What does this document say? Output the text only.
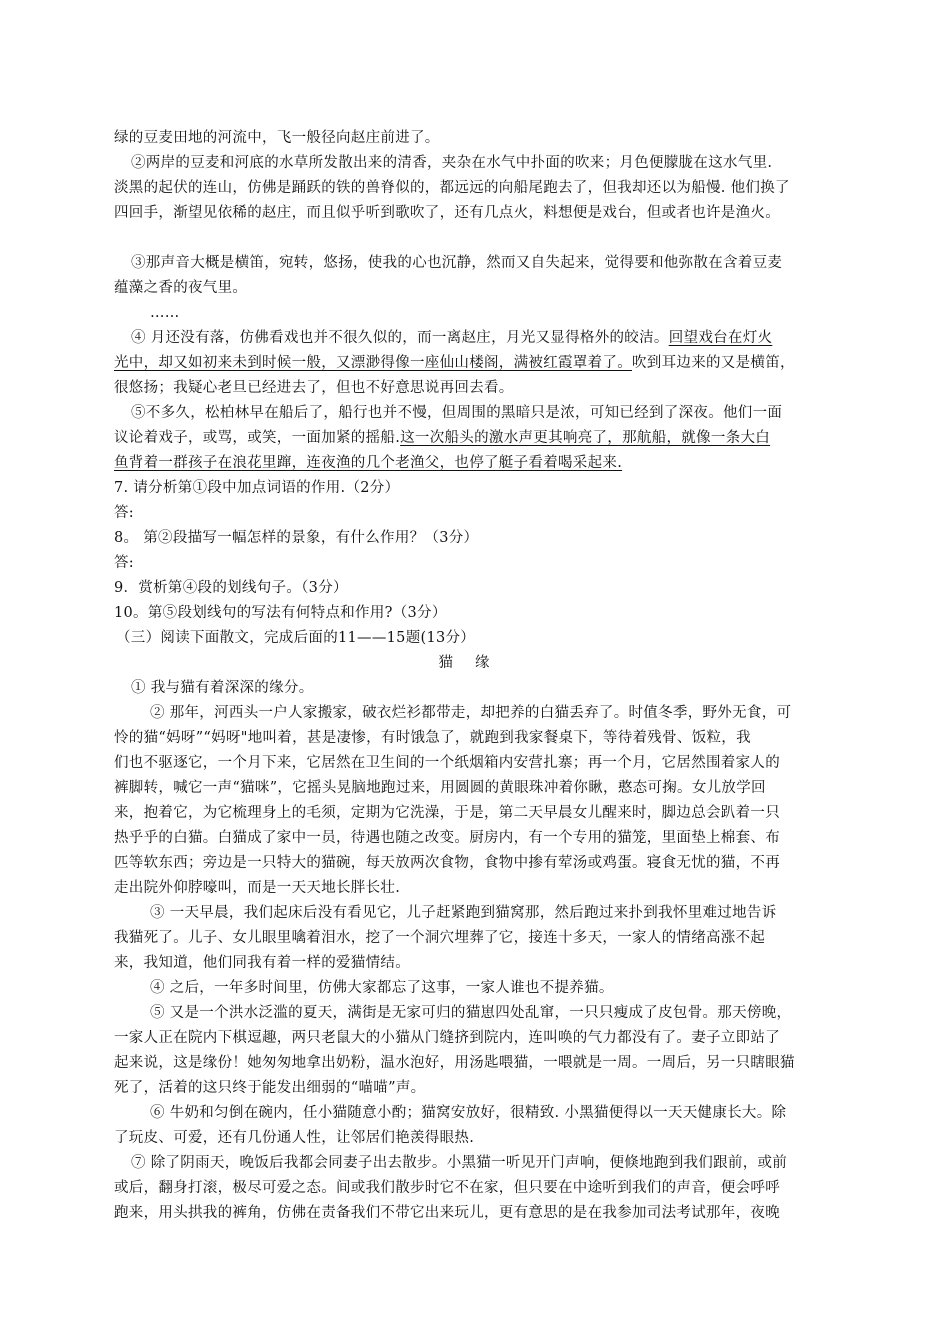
绿的豆麦田地的河流中，飞一般径向赵庄前进了。
②两岸的豆麦和河底的水草所发散出来的清香，夹杂在水气中扑面的吹来；月色便朦胧在这水气里.
淡黑的起伏的连山，仿佛是踊跃的铁的兽脊似的，都远远的向船尾跑去了，但我却还以为船慢. 他们换了
四回手，渐望见依稀的赵庄，而且似乎听到歌吹了，还有几点火，料想便是戏台，但或者也许是渔火。
③那声音大概是横笛，宛转，悠扬，使我的心也沉静，然而又自失起来，觉得要和他弥散在含着豆麦
蕴藻之香的夜气里。
……
④ 月还没有落，仿佛看戏也并不很久似的，而一离赵庄，月光又显得格外的皎洁。回望戏台在灯火
光中，却又如初来未到时候一般，又漂渺得像一座仙山楼阁，满被红霞罩着了。吹到耳边来的又是横笛，
很悠扬；我疑心老旦已经进去了，但也不好意思说再回去看。
⑤不多久，松柏林早在船后了，船行也并不慢，但周围的黑暗只是浓，可知已经到了深夜。他们一面
议论着戏子，或骂，或笑，一面加紧的摇船.这一次船头的激水声更其响亮了，那航船，就像一条大白
鱼背着一群孩子在浪花里蹿，连夜渔的几个老渔父，也停了艇子看着喝采起来.
7. 请分析第①段中加点词语的作用.（2分）
答:
8。 第②段描写一幅怎样的景象，有什么作用？（3分）
答:
9．赏析第④段的划线句子。（3分）
10。第⑤段划线句的写法有何特点和作用?（3分）
（三）阅读下面散文，完成后面的11——15题(13分）
猫缘
① 我与猫有着深深的缘分。
② 那年，河西头一户人家搬家，破衣烂衫都带走，却把养的白猫丢弃了。时值冬季，野外无食，可
怜的猫“妈呀”“妈呀"地叫着，甚是凄惨，有时饿急了，就跑到我家餐桌下，等待着残骨、饭粒，我
们也不驱逐它，一个月下来，它居然在卫生间的一个纸烟箱内安营扎寨；再一个月，它居然围着家人的
裤脚转，喊它一声“猫咪”，它摇头晃脑地跑过来，用圆圆的黄眼珠冲着你瞅，憨态可掬。女儿放学回
来，抱着它，为它梳理身上的毛须，定期为它洗澡，于是，第二天早晨女儿醒来时，脚边总会趴着一只
热乎乎的白猫。白猫成了家中一员，待遇也随之改变。厨房内，有一个专用的猫笼，里面垫上棉套、布
匹等软东西；旁边是一只特大的猫碗，每天放两次食物，食物中掺有荤汤或鸡蛋。寝食无忧的猫，不再
走出院外仰脖嚎叫，而是一天天地长胖长壮.
③ 一天早晨，我们起床后没有看见它，儿子赶紧跑到猫窝那，然后跑过来扑到我怀里难过地告诉
我猫死了。儿子、女儿眼里噙着泪水，挖了一个洞穴埋葬了它，接连十多天，一家人的情绪高涨不起
来，我知道，他们同我有着一样的爱猫情结。
④ 之后，一年多时间里，仿佛大家都忘了这事，一家人谁也不提养猫。
⑤ 又是一个洪水泛滥的夏天，满街是无家可归的猫崽四处乱窜，一只只瘦成了皮包骨。那天傍晚，
一家人正在院内下棋逗趣，两只老鼠大的小猫从门缝挤到院内，连叫唤的气力都没有了。妻子立即站了
起来说，这是缘份！她匆匆地拿出奶粉，温水泡好，用汤匙喂猫，一喂就是一周。一周后，另一只瞎眼猫
死了，活着的这只终于能发出细弱的“喵喵”声。
⑥ 牛奶和匀倒在碗内，任小猫随意小酌；猫窝安放好，很精致. 小黑猫便得以一天天健康长大。除
了玩皮、可爱，还有几份通人性，让邻居们艳羡得眼热.
⑦ 除了阴雨天，晚饭后我都会同妻子出去散步。小黑猫一听见开门声响，便倏地跑到我们跟前，或前
或后，翻身打滚，极尽可爱之态。间或我们散步时它不在家，但只要在中途听到我们的声音，便会呼呼
跑来，用头拱我的裤角，仿佛在责备我们不带它出来玩儿，更有意思的是在我参加司法考试那年，夜晚
